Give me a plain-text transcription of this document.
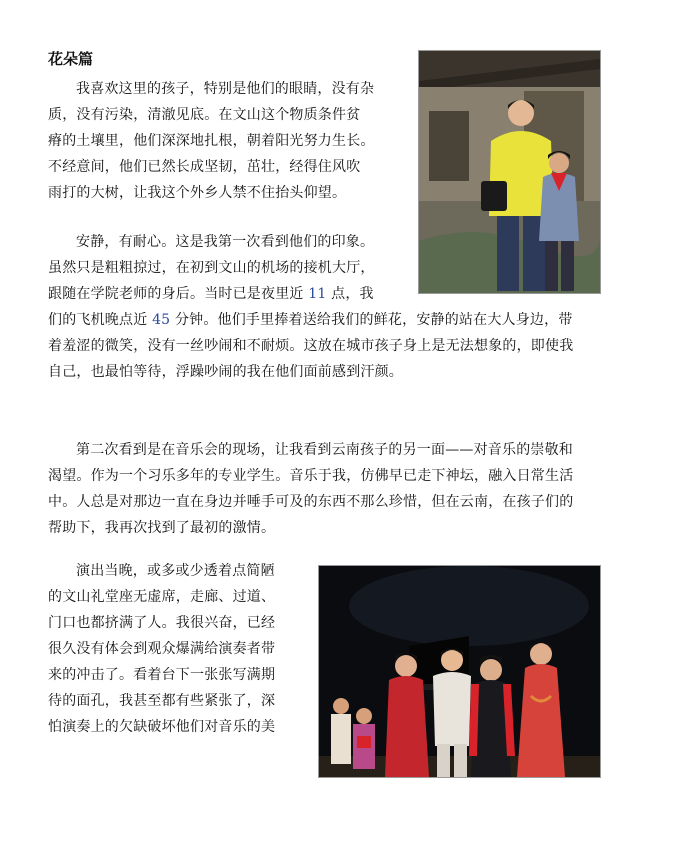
花朵篇

我喜欢这里的孩子，特别是他们的眼睛，没有杂
质，没有污染，清澈见底。在文山这个物质条件贫
瘠的土壤里，他们深深地扎根，朝着阳光努力生长。
不经意间，他们已然长成坚韧，茁壮，经得住风吹
雨打的大树，让我这个外乡人禁不住抬头仰望。

安静，有耐心。这是我第一次看到他们的印象。
虽然只是粗粗掠过，在初到文山的机场的接机大厅，
跟随在学院老师的身后。当时已是夜里近 11 点，我
们的飞机晚点近 45 分钟。他们手里捧着送给我们的鲜花，安静的站在大人身边，带
着羞涩的微笑，没有一丝吵闹和不耐烦。这放在城市孩子身上是无法想象的，即使我
自己，也最怕等待，浮躁吵闹的我在他们面前感到汗颜。

第二次看到是在音乐会的现场，让我看到云南孩子的另一面——对音乐的崇敬和
渴望。作为一个习乐多年的专业学生。音乐于我，仿佛早已走下神坛，融入日常生活
中。人总是对那边一直在身边并唾手可及的东西不那么珍惜，但在云南，在孩子们的
帮助下，我再次找到了最初的激情。

演出当晚，或多或少透着点简陋
的文山礼堂座无虚席，走廊、过道、
门口也都挤满了人。我很兴奋，已经
很久没有体会到观众爆满给演奏者带
来的冲击了。看着台下一张张写满期
待的面孔，我甚至都有些紧张了，深
怕演奏上的欠缺破坏他们对音乐的美
